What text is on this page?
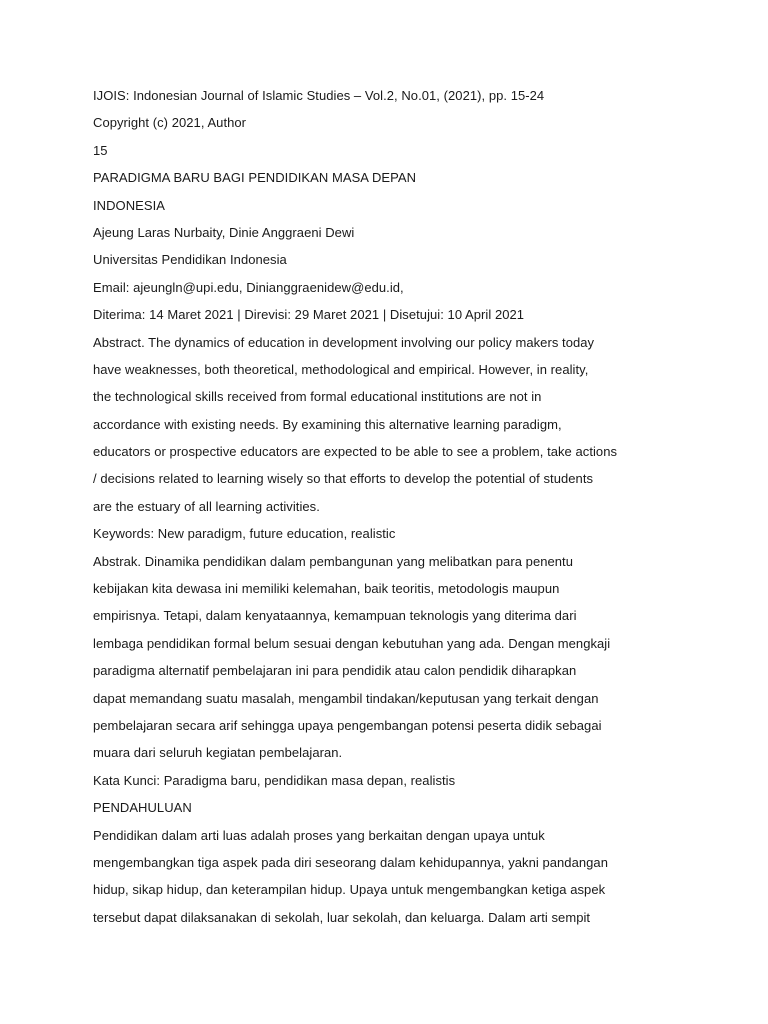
IJOIS: Indonesian Journal of Islamic Studies – Vol.2, No.01, (2021), pp. 15-24
Copyright (c) 2021, Author
15
PARADIGMA BARU BAGI PENDIDIKAN MASA DEPAN
INDONESIA
Ajeung Laras Nurbaity, Dinie Anggraeni Dewi
Universitas Pendidikan Indonesia
Email: ajeungln@upi.edu, Dinianggraenidew@edu.id,
Diterima: 14 Maret 2021 | Direvisi: 29 Maret 2021 | Disetujui: 10 April 2021
Abstract. The dynamics of education in development involving our policy makers today
have weaknesses, both theoretical, methodological and empirical. However, in reality,
the technological skills received from formal educational institutions are not in
accordance with existing needs. By examining this alternative learning paradigm,
educators or prospective educators are expected to be able to see a problem, take actions
/ decisions related to learning wisely so that efforts to develop the potential of students
are the estuary of all learning activities.
Keywords: New paradigm, future education, realistic
Abstrak. Dinamika pendidikan dalam pembangunan yang melibatkan para penentu
kebijakan kita dewasa ini memiliki kelemahan, baik teoritis, metodologis maupun
empirisnya. Tetapi, dalam kenyataannya, kemampuan teknologis yang diterima dari
lembaga pendidikan formal belum sesuai dengan kebutuhan yang ada. Dengan mengkaji
paradigma alternatif pembelajaran ini para pendidik atau calon pendidik diharapkan
dapat memandang suatu masalah, mengambil tindakan/keputusan yang terkait dengan
pembelajaran secara arif sehingga upaya pengembangan potensi peserta didik sebagai
muara dari seluruh kegiatan pembelajaran.
Kata Kunci: Paradigma baru, pendidikan masa depan, realistis
PENDAHULUAN
Pendidikan dalam arti luas adalah proses yang berkaitan dengan upaya untuk
mengembangkan tiga aspek pada diri seseorang dalam kehidupannya, yakni pandangan
hidup, sikap hidup, dan keterampilan hidup. Upaya untuk mengembangkan ketiga aspek
tersebut dapat dilaksanakan di sekolah, luar sekolah, dan keluarga. Dalam arti sempit
